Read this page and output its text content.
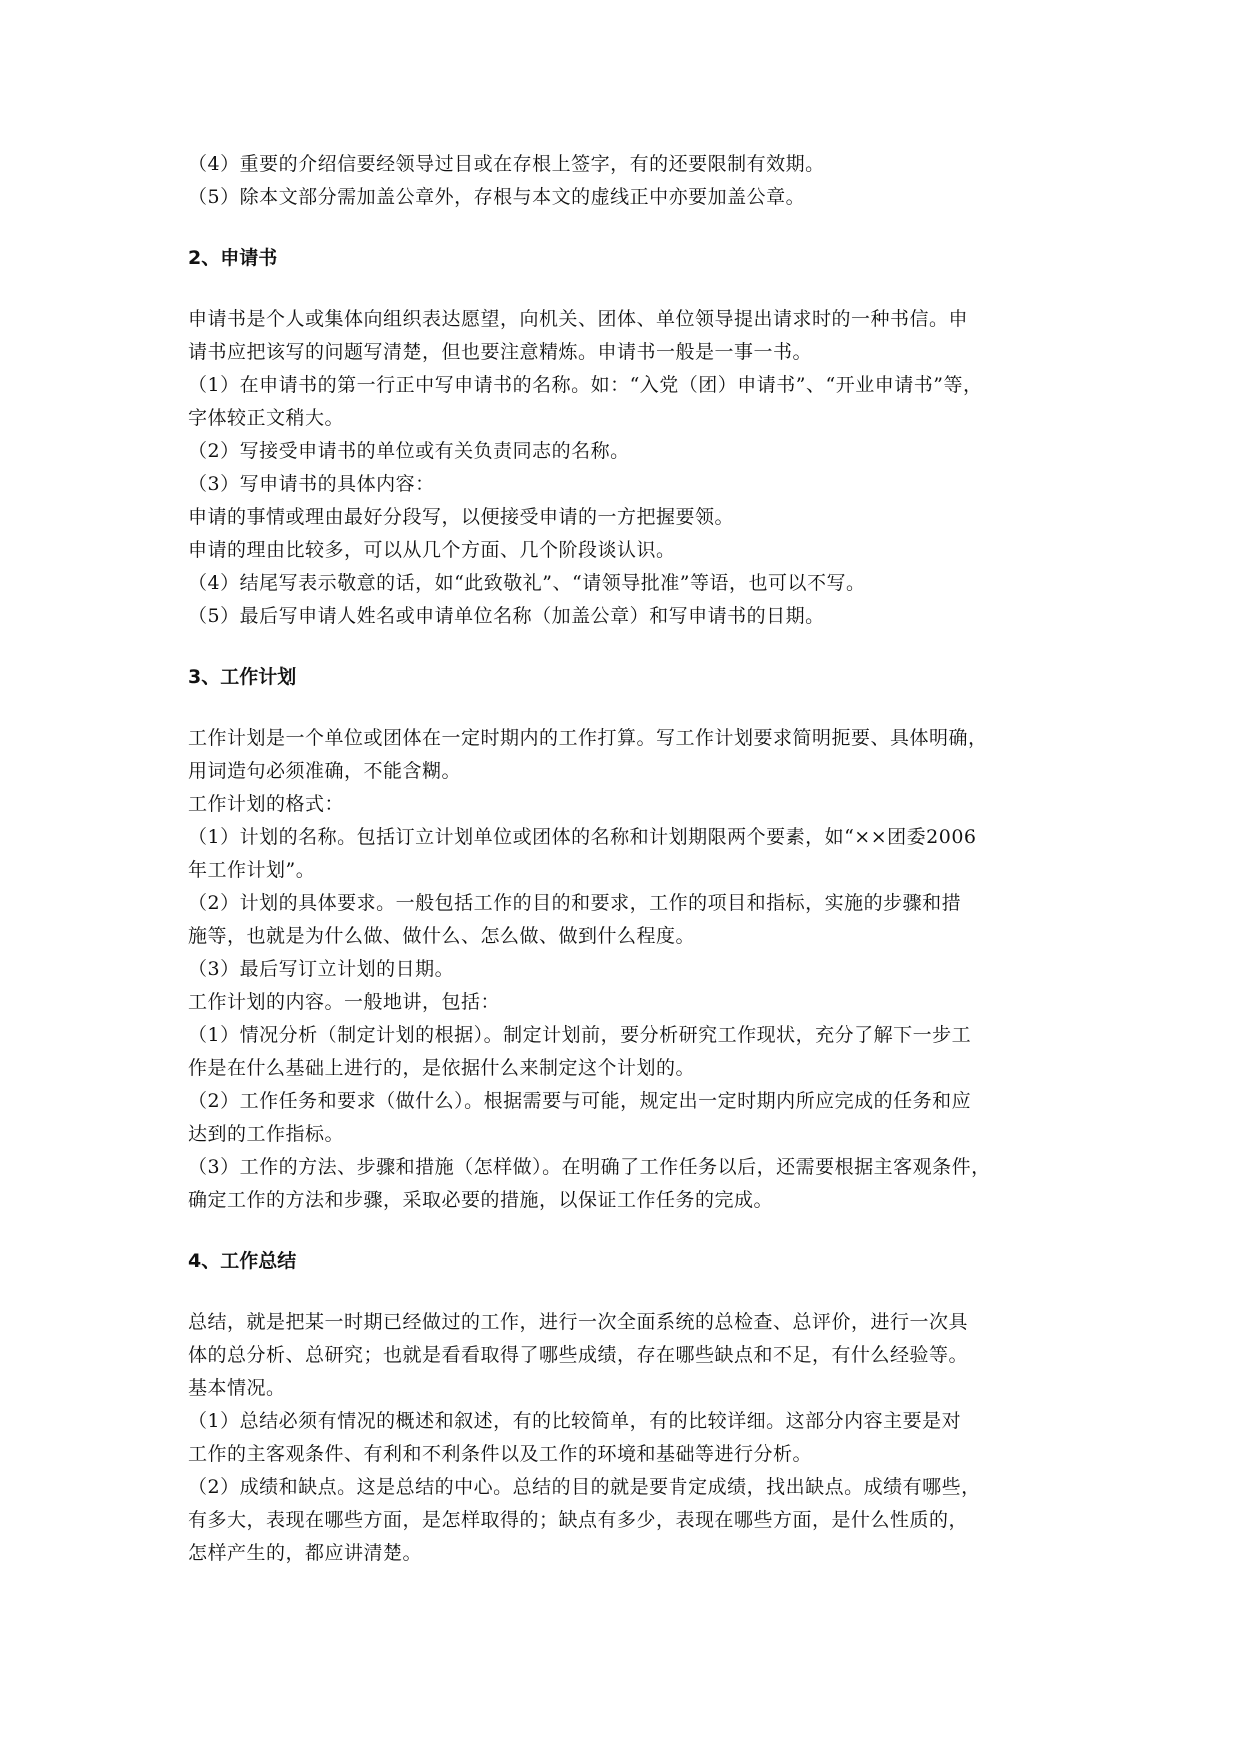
（4）重要的介绍信要经领导过目或在存根上签字，有的还要限制有效期。
（5）除本文部分需加盖公章外，存根与本文的虚线正中亦要加盖公章。
2、申请书
申请书是个人或集体向组织表达愿望，向机关、团体、单位领导提出请求时的一种书信。申
请书应把该写的问题写清楚，但也要注意精炼。申请书一般是一事一书。
（1）在申请书的第一行正中写申请书的名称。如：“入党（团）申请书”、“开业申请书”等，
字体较正文稍大。
（2）写接受申请书的单位或有关负责同志的名称。
（3）写申请书的具体内容：
申请的事情或理由最好分段写，以便接受申请的一方把握要领。
申请的理由比较多，可以从几个方面、几个阶段谈认识。
（4）结尾写表示敬意的话，如“此致敬礼”、“请领导批准”等语，也可以不写。
（5）最后写申请人姓名或申请单位名称（加盖公章）和写申请书的日期。
3、工作计划
工作计划是一个单位或团体在一定时期内的工作打算。写工作计划要求简明扼要、具体明确，
用词造句必须准确，不能含糊。
工作计划的格式：
（1）计划的名称。包括订立计划单位或团体的名称和计划期限两个要素，如“××团委2006
年工作计划”。
（2）计划的具体要求。一般包括工作的目的和要求，工作的项目和指标，实施的步骤和措
施等，也就是为什么做、做什么、怎么做、做到什么程度。
（3）最后写订立计划的日期。
工作计划的内容。一般地讲，包括：
（1）情况分析（制定计划的根据）。制定计划前，要分析研究工作现状，充分了解下一步工
作是在什么基础上进行的，是依据什么来制定这个计划的。
（2）工作任务和要求（做什么）。根据需要与可能，规定出一定时期内所应完成的任务和应
达到的工作指标。
（3）工作的方法、步骤和措施（怎样做）。在明确了工作任务以后，还需要根据主客观条件，
确定工作的方法和步骤，采取必要的措施，以保证工作任务的完成。
4、工作总结
总结，就是把某一时期已经做过的工作，进行一次全面系统的总检查、总评价，进行一次具
体的总分析、总研究；也就是看看取得了哪些成绩，存在哪些缺点和不足，有什么经验等。
基本情况。
（1）总结必须有情况的概述和叙述，有的比较简单，有的比较详细。这部分内容主要是对
工作的主客观条件、有利和不利条件以及工作的环境和基础等进行分析。
（2）成绩和缺点。这是总结的中心。总结的目的就是要肯定成绩，找出缺点。成绩有哪些，
有多大，表现在哪些方面，是怎样取得的；缺点有多少，表现在哪些方面，是什么性质的，
怎样产生的，都应讲清楚。
